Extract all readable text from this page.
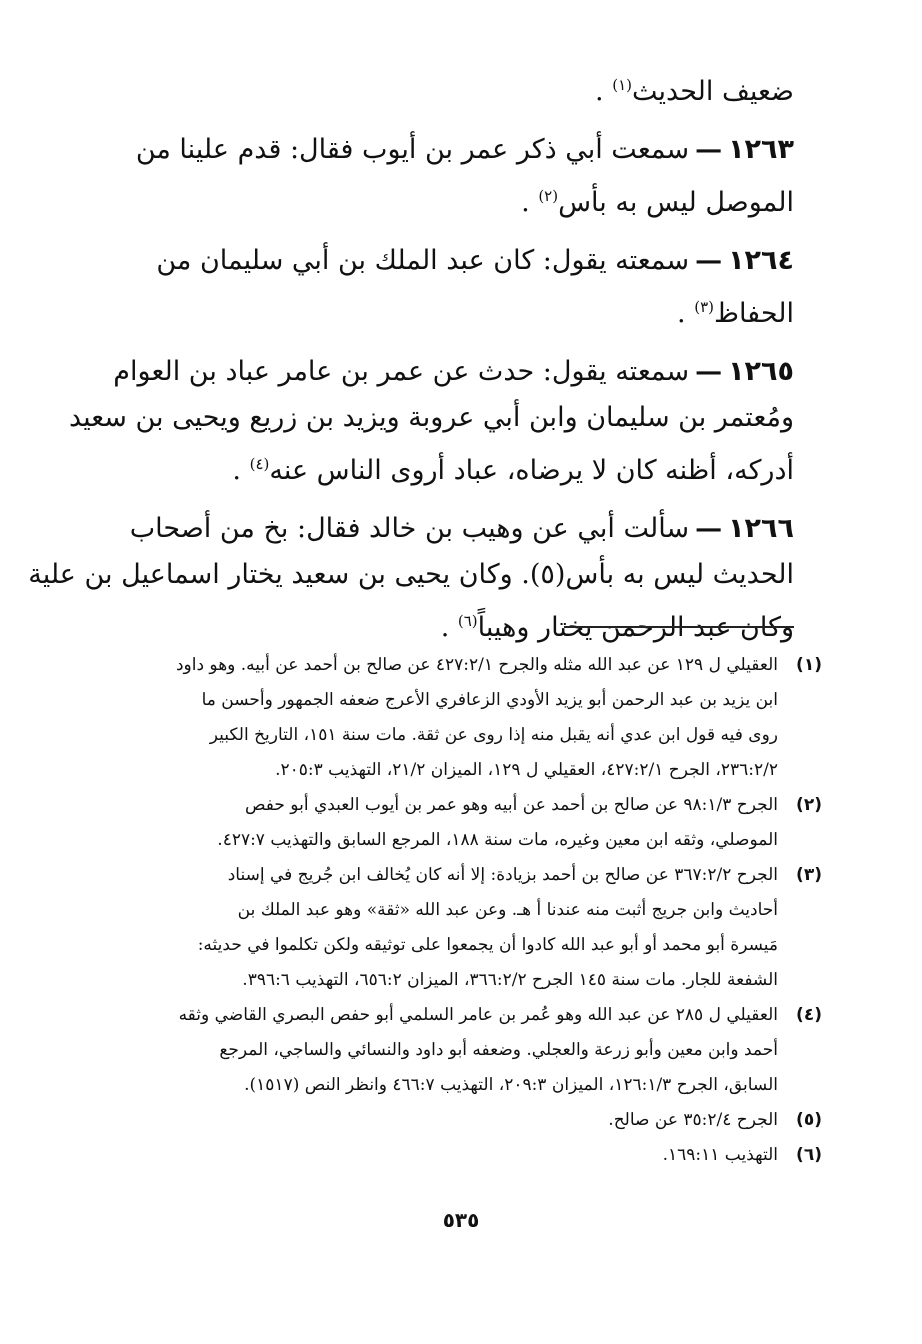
ضعيف الحديث$^{(١)}$ .
١٢٦٣—سمعت أبي ذكر عمر بن أيوب فقال: قدم علينا من
الموصل ليس به بأس$^{(٢)}$ .
١٢٦٤—سمعته يقول: كان عبد الملك بن أبي سليمان من
الحفاظ$^{(٣)}$ .
١٢٦٥—سمعته يقول: حدث عن عمر بن عامر عباد بن العوام
ومُعتمر بن سليمان وابن أبي عروبة ويزيد بن زريع ويحيى بن سعيد
أدركه، أظنه كان لا يرضاه، عباد أروى الناس عنه$^{(٤)}$ .
١٢٦٦—سألت أبي عن وهيب بن خالد فقال: بخ من أصحاب
الحديث ليس به بأس(٥). وكان يحيى بن سعيد يختار اسماعيل بن علية
وكان عبد الرحمن يختار وهيباً$^{(٦)}$ .
(١)
العقيلي ل ١٢٩ عن عبد الله مثله والجرح ٤٢٧:٢/١ عن صالح بن أحمد عن أبيه. وهو داود
ابن يزيد بن عبد الرحمن أبو يزيد الأودي الزعافري الأعرج ضعفه الجمهور وأحسن ما
روى فيه قول ابن عدي أنه يقبل منه إذا روى عن ثقة. مات سنة ١٥١، التاريخ الكبير
٢٣٦:٢/٢، الجرح ٤٢٧:٢/١، العقيلي ل ١٢٩، الميزان ٢١/٢، التهذيب ٢٠٥:٣.
(٢)
الجرح ٩٨:١/٣ عن صالح بن أحمد عن أبيه وهو عمر بن أيوب العبدي أبو حفص
الموصلي، وثقه ابن معين وغيره، مات سنة ١٨٨، المرجع السابق والتهذيب ٤٢٧:٧.
(٣)
الجرح ٣٦٧:٢/٢ عن صالح بن أحمد بزيادة: إلا أنه كان يُخالف ابن جُريج في إسناد
أحاديث وابن جريج أثبت منه عندنا أ هـ. وعن عبد الله «ثقة» وهو عبد الملك بن
مَيسرة أبو محمد أو أبو عبد الله كادوا أن يجمعوا على توثيقه ولكن تكلموا في حديثه:
الشفعة للجار. مات سنة ١٤٥ الجرح ٣٦٦:٢/٢، الميزان ٦٥٦:٢، التهذيب ٣٩٦:٦.
(٤)
العقيلي ل ٢٨٥ عن عبد الله وهو عُمر بن عامر السلمي أبو حفص البصري القاضي وثقه
أحمد وابن معين وأبو زرعة والعجلي. وضعفه أبو داود والنسائي والساجي، المرجع
السابق، الجرح ١٢٦:١/٣، الميزان ٢٠٩:٣، التهذيب ٤٦٦:٧ وانظر النص (١٥١٧).
(٥)
الجرح ٣٥:٢/٤ عن صالح.
(٦)
التهذيب ١٦٩:١١.
٥٣٥
